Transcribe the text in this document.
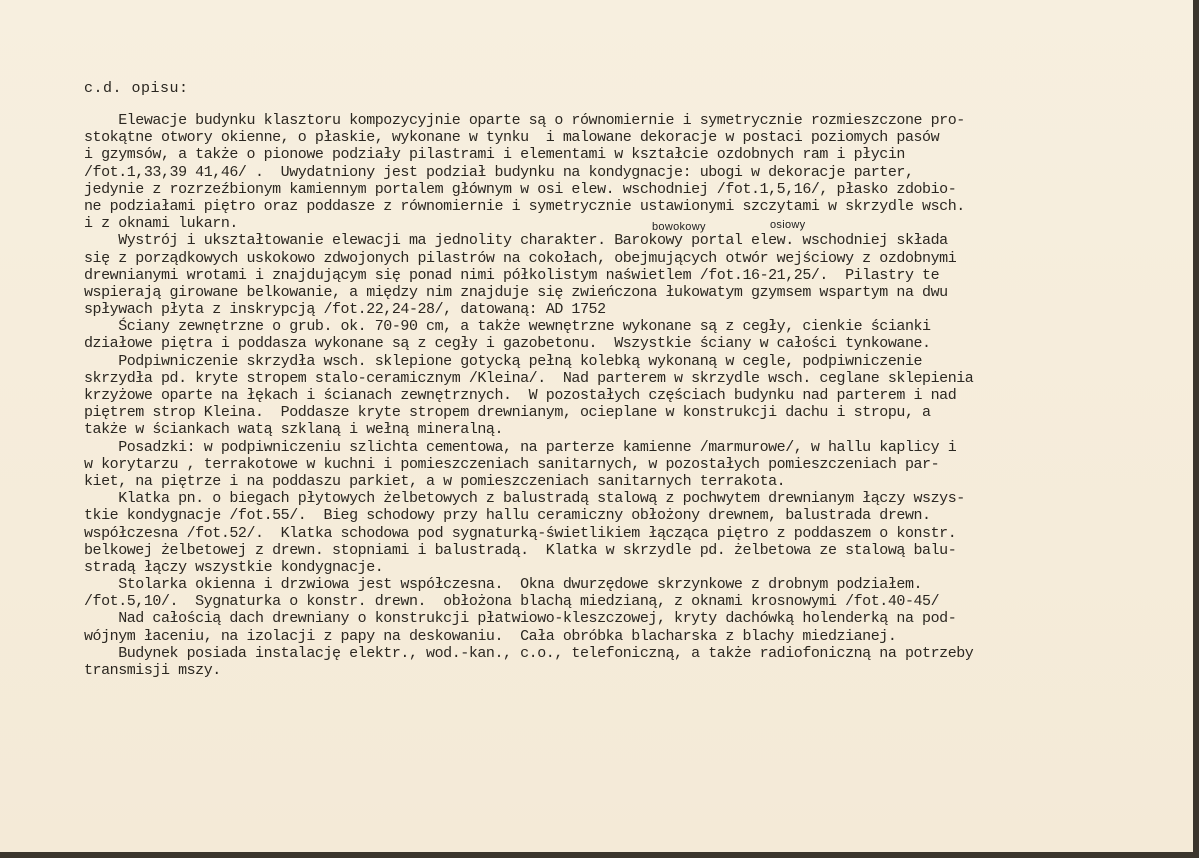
c.d. opisu:
bowokowy	osiowy
Elewacje budynku klasztoru kompozycyjnie oparte są o równomiernie i symetrycznie rozmieszczone pro-
stokątne otwory okienne, o płaskie, wykonane w tynku  i malowane dekoracje w postaci poziomych pasów
i gzymsów, a także o pionowe podziały pilastrami i elementami w kształcie ozdobnych ram i płycin
/fot.1,33,39 41,46/ .  Uwydatniony jest podział budynku na kondygnacje: ubogi w dekoracje parter,
jedynie z rozrzeźbionym kamiennym portalem głównym w osi elew. wschodniej /fot.1,5,16/, płasko zdobio-
ne podziałami piętro oraz poddasze z równomiernie i symetrycznie ustawionymi szczytami w skrzydle wsch.
i z oknami lukarn.
Wystrój i ukształtowanie elewacji ma jednolity charakter. Barokowy portal elew. wschodniej składa
się z porządkowych uskokowo zdwojonych pilastrów na cokołach, obejmujących otwór wejściowy z ozdobnymi
drewnianymi wrotami i znajdującym się ponad nimi półkolistym naświetlem /fot.16-21,25/.  Pilastry te
wspierają girowane belkowanie, a między nim znajduje się zwieńczona łukowatym gzymsem wspartym na dwu
spływach płyta z inskrypcją /fot.22,24-28/, datowaną: AD 1752
Ściany zewnętrzne o grub. ok. 70-90 cm, a także wewnętrzne wykonane są z cegły, cienkie ścianki
działowe piętra i poddasza wykonane są z cegły i gazobetonu.  Wszystkie ściany w całości tynkowane.
Podpiwniczenie skrzydła wsch. sklepione gotycką pełną kolebką wykonaną w cegle, podpiwniczenie
skrzydła pd. kryte stropem stalo-ceramicznym /Kleina/.  Nad parterem w skrzydle wsch. ceglane sklepienia
krzyżowe oparte na łękach i ścianach zewnętrznych.  W pozostałych częściach budynku nad parterem i nad
piętrem strop Kleina.  Poddasze kryte stropem drewnianym, ocieplane w konstrukcji dachu i stropu, a
także w ściankach watą szklaną i wełną mineralną.
Posadzki: w podpiwniczeniu szlichta cementowa, na parterze kamienne /marmurowe/, w hallu kaplicy i
w korytarzu , terrakotowe w kuchni i pomieszczeniach sanitarnych, w pozostałych pomieszczeniach par-
kiet, na piętrze i na poddaszu parkiet, a w pomieszczeniach sanitarnych terrakota.
Klatka pn. o biegach płytowych żelbetowych z balustradą stalową z pochwytem drewnianym łączy wszys-
tkie kondygnacje /fot.55/.  Bieg schodowy przy hallu ceramiczny obłożony drewnem, balustrada drewn.
współczesna /fot.52/.  Klatka schodowa pod sygnaturką-świetlikiem łącząca piętro z poddaszem o konstr.
belkowej żelbetowej z drewn. stopniami i balustradą.  Klatka w skrzydle pd. żelbetowa ze stalową balu-
stradą łączy wszystkie kondygnacje.
Stolarka okienna i drzwiowa jest współczesna.  Okna dwurzędowe skrzynkowe z drobnym podziałem.
/fot.5,10/.  Sygnaturka o konstr. drewn.  obłożona blachą miedzianą, z oknami krosnowymi /fot.40-45/
Nad całością dach drewniany o konstrukcji płatwiowo-kleszczowej, kryty dachówką holenderką na pod-
wójnym łaceniu, na izolacji z papy na deskowaniu.  Cała obróbka blacharska z blachy miedzianej.
Budynek posiada instalację elektr., wod.-kan., c.o., telefoniczną, a także radiofoniczną na potrzeby
transmisji mszy.
